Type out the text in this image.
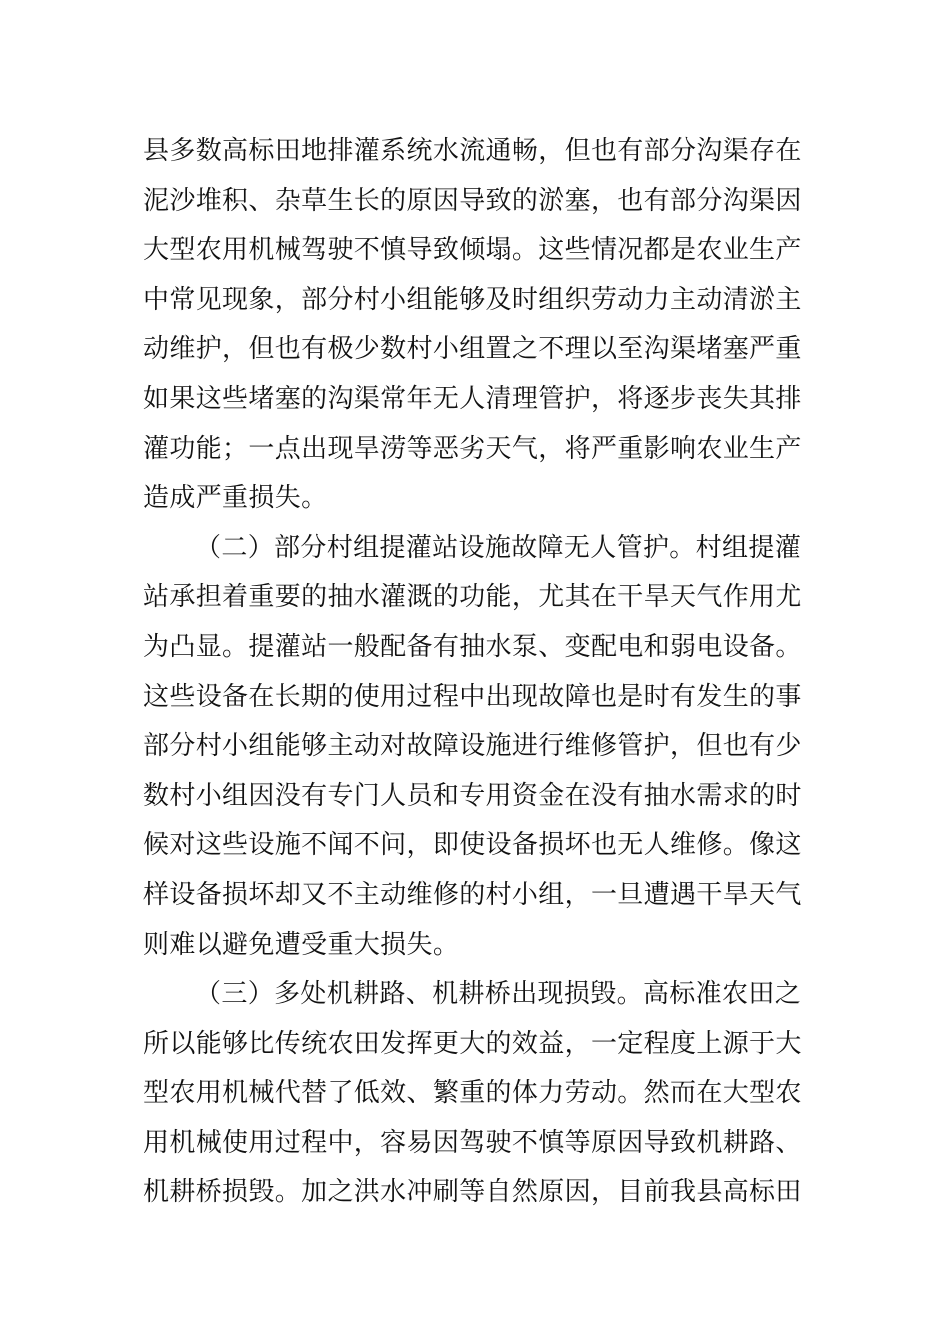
县多数高标田地排灌系统水流通畅，但也有部分沟渠存在
泥沙堆积、杂草生长的原因导致的淤塞，也有部分沟渠因
大型农用机械驾驶不慎导致倾塌。这些情况都是农业生产
中常见现象，部分村小组能够及时组织劳动力主动清淤主
动维护，但也有极少数村小组置之不理以至沟渠堵塞严重
如果这些堵塞的沟渠常年无人清理管护，将逐步丧失其排
灌功能；一点出现旱涝等恶劣天气，将严重影响农业生产
造成严重损失。
（二）部分村组提灌站设施故障无人管护。村组提灌
站承担着重要的抽水灌溉的功能，尤其在干旱天气作用尤
为凸显。提灌站一般配备有抽水泵、变配电和弱电设备。
这些设备在长期的使用过程中出现故障也是时有发生的事
部分村小组能够主动对故障设施进行维修管护，但也有少
数村小组因没有专门人员和专用资金在没有抽水需求的时
候对这些设施不闻不问，即使设备损坏也无人维修。像这
样设备损坏却又不主动维修的村小组，一旦遭遇干旱天气
则难以避免遭受重大损失。
（三）多处机耕路、机耕桥出现损毁。高标准农田之
所以能够比传统农田发挥更大的效益，一定程度上源于大
型农用机械代替了低效、繁重的体力劳动。然而在大型农
用机械使用过程中，容易因驾驶不慎等原因导致机耕路、
机耕桥损毁。加之洪水冲刷等自然原因，目前我县高标田
